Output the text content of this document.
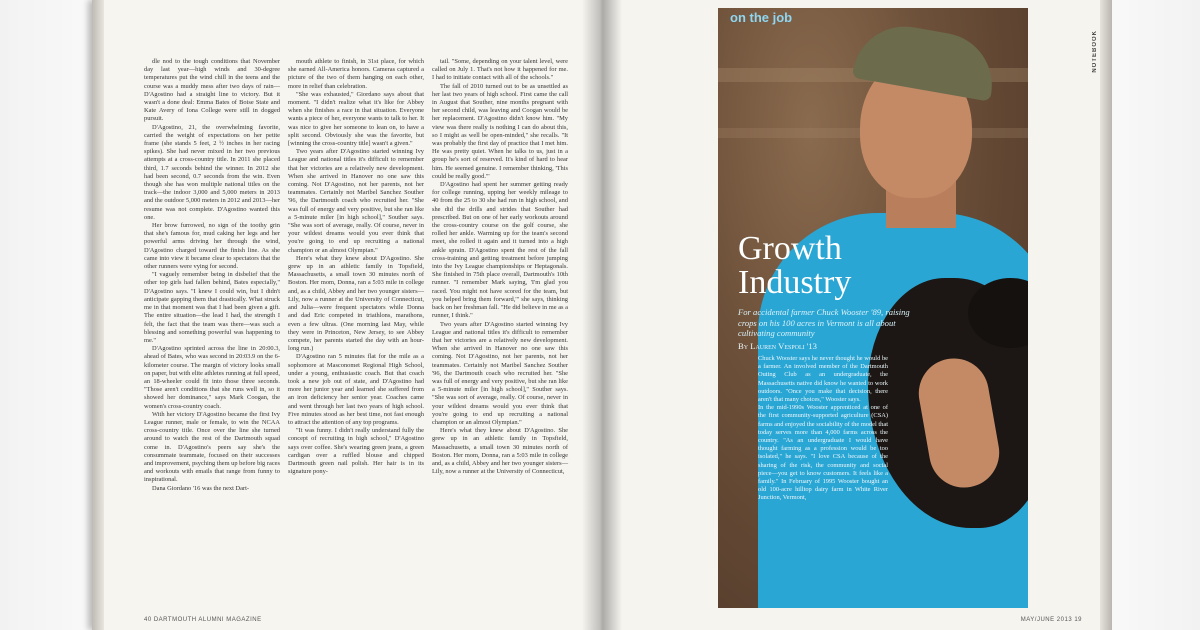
dle nod to the tough conditions that November day last year—high winds and 30-degree temperatures put the wind chill in the teens and the course was a muddy mess after two days of rain—D'Agostino had a straight line to victory. But it wasn't a done deal: Emma Bates of Boise State and Kate Avery of Iona College were still in dogged pursuit.

D'Agostino, 21, the overwhelming favorite, carried the weight of expectations on her petite frame (she stands 5 feet, 2 ½ inches in her racing spikes). She had never mixed in her two previous attempts at a cross-country title. In 2011 she placed third, 1.7 seconds behind the winner. In 2012 she had been second, 0.7 seconds from the win. Even though she has won multiple national titles on the track—the indoor 3,000 and 5,000 meters in 2013 and the outdoor 5,000 meters in 2012 and 2013—her resume was not complete. D'Agostino wanted this one.

Her brow furrowed, no sign of the toothy grin that she's famous for, mud caking her legs and her powerful arms driving her through the wind, D'Agostino charged toward the finish line. As she came into view it became clear to spectators that the other runners were vying for second.

"I vaguely remember being in disbelief that the other top girls had fallen behind, Bates especially," D'Agostino says. "I knew I could win, but I didn't anticipate gapping them that drastically. What struck me in that moment was that I had been given a gift. The entire situation—the lead I had, the strength I felt, the fact that the team was there—was such a blessing and something powerful was happening to me."

D'Agostino sprinted across the line in 20:00.3, ahead of Bates, who was second in 20:03.9 on the 6-kilometer course. The margin of victory looks small on paper, but with elite athletes running at full speed, an 18-wheeler could fit into those three seconds. "Those aren't conditions that she runs well in, so it showed her dominance," says Mark Coogan, the women's cross-country coach.

With her victory D'Agostino became the first Ivy League runner, male or female, to win the NCAA cross-country title. Once over the line she turned around to watch the rest of the Dartmouth squad come in. D'Agostino's peers say she's the consummate teammate, focused on their successes and improvement, psyching them up before big races and workouts with emails that range from funny to inspirational.

Dana Giordano '16 was the next Dart-

mouth athlete to finish, in 31st place, for which she earned All-America honors. Cameras captured a picture of the two of them hanging on each other, more in relief than celebration.

"She was exhausted," Giordano says about that moment. "I didn't realize what it's like for Abbey when she finishes a race in that situation. Everyone wants a piece of her, everyone wants to talk to her. It was nice to give her someone to lean on, to have a split second. Obviously she was the favorite, but [winning the cross-country title] wasn't a given."

Two years after D'Agostino started winning Ivy League and national titles it's difficult to remember that her victories are a relatively new development. When she arrived in Hanover no one saw this coming. Not D'Agostino, not her parents, not her teammates. Certainly not Maribel Sanchez Souther '96, the Dartmouth coach who recruited her. "She was full of energy and very positive, but she ran like a 5-minute miler [in high school]," Souther says. "She was sort of average, really. Of course, never in your wildest dreams would you ever think that you're going to end up recruiting a national champion or an almost Olympian."

Here's what they knew about D'Agostino. She grew up in an athletic family in Topsfield, Massachusetts, a small town 30 minutes north of Boston. Her mom, Donna, ran a 5:03 mile in college and, as a child, Abbey and her two younger sisters—Lily, now a runner at the University of Connecticut, and Julia—were frequent spectators while Donna and dad Eric competed in triathlons, marathons, even a few ultras. (One morning last May, while they were in Princeton, New Jersey, to see Abbey compete, her parents started the day with an hour-long run.)

D'Agostino ran 5 minutes flat for the mile as a sophomore at Masconomet Regional High School, under a young, enthusiastic coach. But that coach took a new job out of state, and D'Agostino had more her junior year and learned she suffered from an iron deficiency her senior year. Coaches came and went through her last two years of high school. Five minutes stood as her best time, not fast enough to attract the attention of any top programs.

"It was funny. I didn't really understand fully the concept of recruiting in high school," D'Agostino says over coffee. She's wearing green jeans, a green cardigan over a ruffled blouse and chipped Dartmouth green nail polish. Her hair is in its signature pony-

tail. "Some, depending on your talent level, were called on July 1. That's not how it happened for me. I had to initiate contact with all of the schools."

The fall of 2010 turned out to be as unsettled as her last two years of high school. First came the call in August that Souther, nine months pregnant with her second child, was leaving and Coogan would be her replacement. D'Agostino didn't know him. "My view was there really is nothing I can do about this, so I might as well be open-minded," she recalls. "It was probably the first day of practice that I met him. He was pretty quiet. When he talks to us, just in a group he's sort of reserved. It's kind of hard to hear him. He seemed genuine. I remember thinking, 'This could be really good.'"

D'Agostino had spent her summer getting ready for college running, upping her weekly mileage to 40 from the 25 to 30 she had run in high school, and she did the drills and strides that Souther had prescribed. But on one of her early workouts around the cross-country course on the golf course, she rolled her ankle. Warming up for the team's second meet, she rolled it again and it turned into a high ankle sprain. D'Agostino spent the rest of the fall cross-training and getting treatment before jumping into the Ivy League championships or Heptagonals. She finished in 75th place overall, Dartmouth's 10th runner. "I remember Mark saying, 'I'm glad you raced. You might not have scored for the team, but you helped bring them forward,'" she says, thinking back on her freshman fall. "He did believe in me as a runner, I think."

Two years after D'Agostino started winning Ivy League and national titles it's difficult to remember that her victories are a relatively new development. When she arrived in Hanover no one saw this coming. Not D'Agostino, not her parents, not her teammates. Certainly not Maribel Sanchez Souther '96, the Dartmouth coach who recruited her. "She was full of energy and very positive, but she ran like a 5-minute miler [in high school]," Souther says. "She was sort of average, really. Of course, never in your wildest dreams would you ever think that you're going to end up recruiting a national champion or an almost Olympian."

Here's what they knew about D'Agostino. She grew up in an athletic family in Topsfield, Massachusetts, a small town 30 minutes north of Boston. Her mom, Donna, ran a 5:03 mile in college and, as a child, Abbey and her two younger sisters—Lily, now a runner at the University of Connecticut,

40 DARTMOUTH ALUMNI MAGAZINE
on the job
NOTEBOOK
Growth
Industry

For accidental farmer Chuck Wooster '89, raising crops on his 100 acres in Vermont is all about cultivating community
By Lauren Vespoli '13

Chuck Wooster says he never thought he would be a farmer. An involved member of the Dartmouth Outing Club as an undergraduate, the Massachusetts native did know he wanted to work outdoors. "Once you make that decision, there aren't that many choices," Wooster says.

In the mid-1990s Wooster apprenticed at one of the first community-supported agriculture (CSA) farms and enjoyed the sociability of the model that today serves more than 4,000 farms across the country. "As an undergraduate I would have thought farming as a profession would be too isolated," he says. "I love CSA because of the sharing of the risk, the community and social piece—you get to know customers. It feels like a family." In February of 1995 Wooster bought an old 100-acre hilltop dairy farm in White River Junction, Vermont,

MAY/JUNE 2013 19
